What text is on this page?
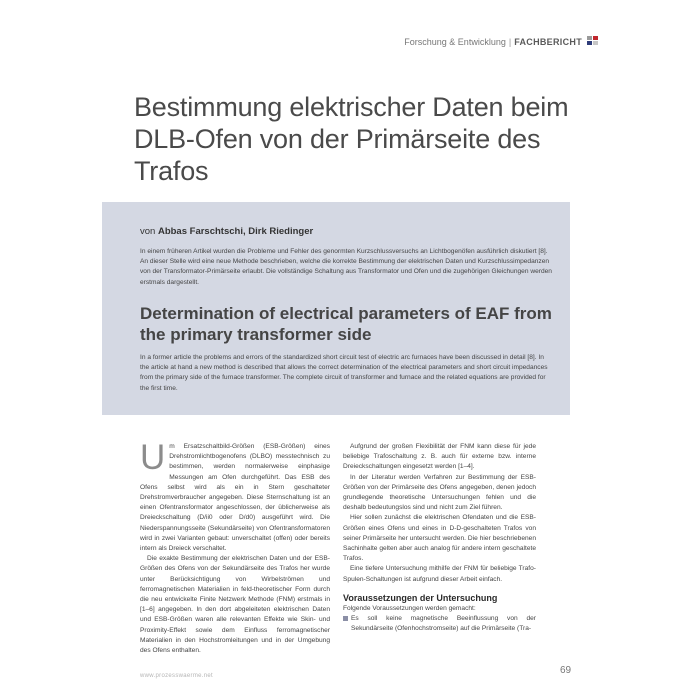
Forschung & Entwicklung | FACHBERICHT
Bestimmung elektrischer Daten beim DLB-Ofen von der Primärseite des Trafos
von Abbas Farschtschi, Dirk Riedinger

In einem früheren Artikel wurden die Probleme und Fehler des genormten Kurzschlussversuchs an Lichtbogenöfen ausführlich diskutiert [8]. An dieser Stelle wird eine neue Methode beschrieben, welche die korrekte Bestimmung der elektrischen Daten und Kurzschlussimpedanzen von der Transformator-Primärseite erlaubt. Die vollständige Schaltung aus Transformator und Ofen und die zugehörigen Gleichungen werden erstmals dargestellt.

Determination of electrical parameters of EAF from the primary transformer side

In a former article the problems and errors of the standardized short circuit test of electric arc furnaces have been discussed in detail [8]. In the article at hand a new method is described that allows the correct determination of the electrical parameters and short circuit impedances from the primary side of the furnace transformer. The complete circuit of transformer and furnace and the related equations are provided for the first time.

Um Ersatzschaltbild-Größen (ESB-Größen) eines Drehstromlichtbogenofens (DLBO) messtechnisch zu bestimmen, werden normalerweise einphasige Messungen am Ofen durchgeführt. Das ESB des Ofens selbst wird als ein in Stern geschalteter Drehstromverbraucher angegeben. Diese Sternschaltung ist an einen Ofentransformator angeschlossen, der üblicherweise als Dreieckschaltung (D/ii0 oder D/d0) ausgeführt wird. Die Niederspannungsseite (Sekundärseite) von Ofentransformatoren wird in zwei Varianten gebaut: unverschaltet (offen) oder bereits intern als Dreieck verschaltet.

Die exakte Bestimmung der elektrischen Daten und der ESB-Größen des Ofens von der Sekundärseite des Trafos her wurde unter Berücksichtigung von Wirbelströmen und ferromagnetischen Materialien in feld-theoretischer Form durch die neu entwickelte Finite Netzwerk Methode (FNM) erstmals in [1–6] angegeben. In den dort abgeleiteten elektrischen Daten und ESB-Größen waren alle relevanten Effekte wie Skin- und Proximity-Effekt sowie dem Einfluss ferromagnetischer Materialien in den Hochstromleitungen und in der Umgebung des Ofens enthalten.

Aufgrund der großen Flexibilität der FNM kann diese für jede beliebige Trafoschaltung z. B. auch für externe bzw. interne Dreieckschaltungen eingesetzt werden [1–4].

In der Literatur werden Verfahren zur Bestimmung der ESB-Größen von der Primärseite des Ofens angegeben, denen jedoch grundlegende theoretische Untersuchungen fehlen und die deshalb bedeutungslos sind und nicht zum Ziel führen.

Hier sollen zunächst die elektrischen Ofendaten und die ESB-Größen eines Ofens und eines in D-D-geschalteten Trafos von seiner Primärseite her untersucht werden. Die hier beschriebenen Sachinhalte gelten aber auch analog für andere intern geschaltete Trafos.

Eine tiefere Untersuchung mithilfe der FNM für beliebige Trafo-Spulen-Schaltungen ist aufgrund dieser Arbeit einfach.

Voraussetzungen der Untersuchung

Folgende Voraussetzungen werden gemacht:

Es soll keine magnetische Beeinflussung von der Sekundärseite (Ofenhochstromseite) auf die Primärseite (Tra-

www.prozesswaerme.net	69
